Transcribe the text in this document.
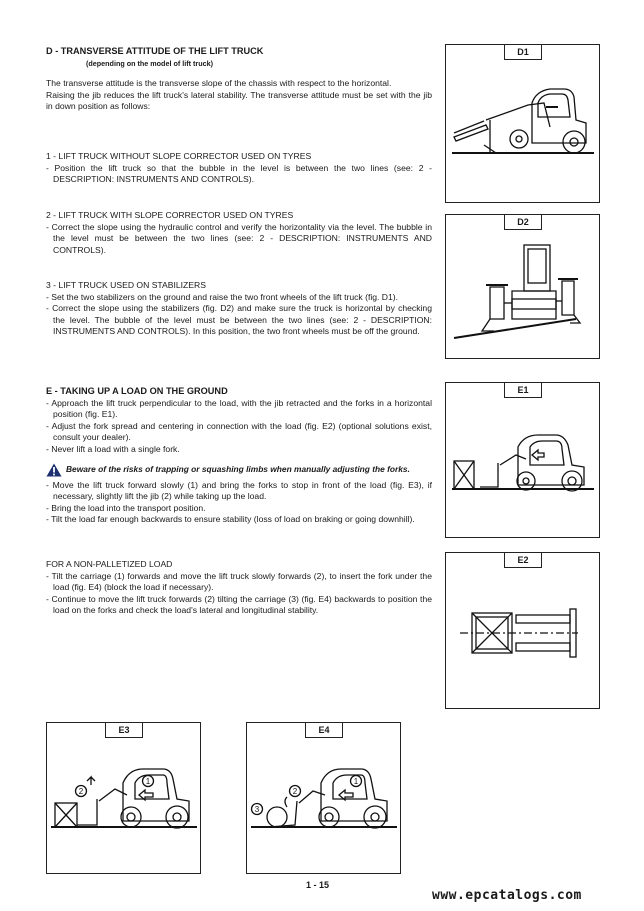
D - TRANSVERSE ATTITUDE OF THE LIFT TRUCK

(depending on the model of lift truck)

The transverse attitude is the transverse slope of the chassis with respect to the horizontal.

Raising the jib reduces the lift truck's lateral stability. The transverse attitude must be set with the jib in down position as follows:

1 - LIFT TRUCK WITHOUT SLOPE CORRECTOR USED ON TYRES

- Position the lift truck so that the bubble in the level is between the two lines (see: 2 - DESCRIPTION: INSTRUMENTS AND CONTROLS).

2 - LIFT TRUCK WITH SLOPE CORRECTOR USED ON TYRES

- Correct the slope using the hydraulic control and verify the horizontality via the level. The bubble in the level must be between the two lines (see: 2 - DESCRIPTION: INSTRUMENTS AND CONTROLS).

3 - LIFT TRUCK USED ON STABILIZERS

- Set the two stabilizers on the ground and raise the two front wheels of the lift truck (fig. D1).

- Correct the slope using the stabilizers (fig. D2) and make sure the truck is horizontal by checking the level. The bubble of the level must be between the two lines (see: 2 - DESCRIPTION: INSTRUMENTS AND CONTROLS). In this position, the two front wheels must be off the ground.

E - TAKING UP A LOAD ON THE GROUND

- Approach the lift truck perpendicular to the load, with the jib retracted and the forks in a horizontal position (fig. E1).

- Adjust the fork spread and centering in connection with the load (fig. E2) (optional solutions exist, consult your dealer).

- Never lift a load with a single fork.

Beware of the risks of trapping or squashing limbs when manually adjusting the forks.

- Move the lift truck forward slowly (1) and bring the forks to stop in front of the load (fig. E3), if necessary, slightly lift the jib (2) while taking up the load.

- Bring the load into the transport position.

- Tilt the load far enough backwards to ensure stability (loss of load on braking or going downhill).

FOR A NON-PALLETIZED LOAD

- Tilt the carriage (1) forwards and move the lift truck slowly forwards (2), to insert the fork under the load (fig. E4) (block the load if necessary).

- Continue to move the lift truck forwards (2) tilting the carriage (3) (fig. E4) backwards to position the load on the forks and check the load's lateral and longitudinal stability.

D1
D2
E1
E2
E3
2
1
E4
3
2
1
1 - 15
www.epcatalogs.com
